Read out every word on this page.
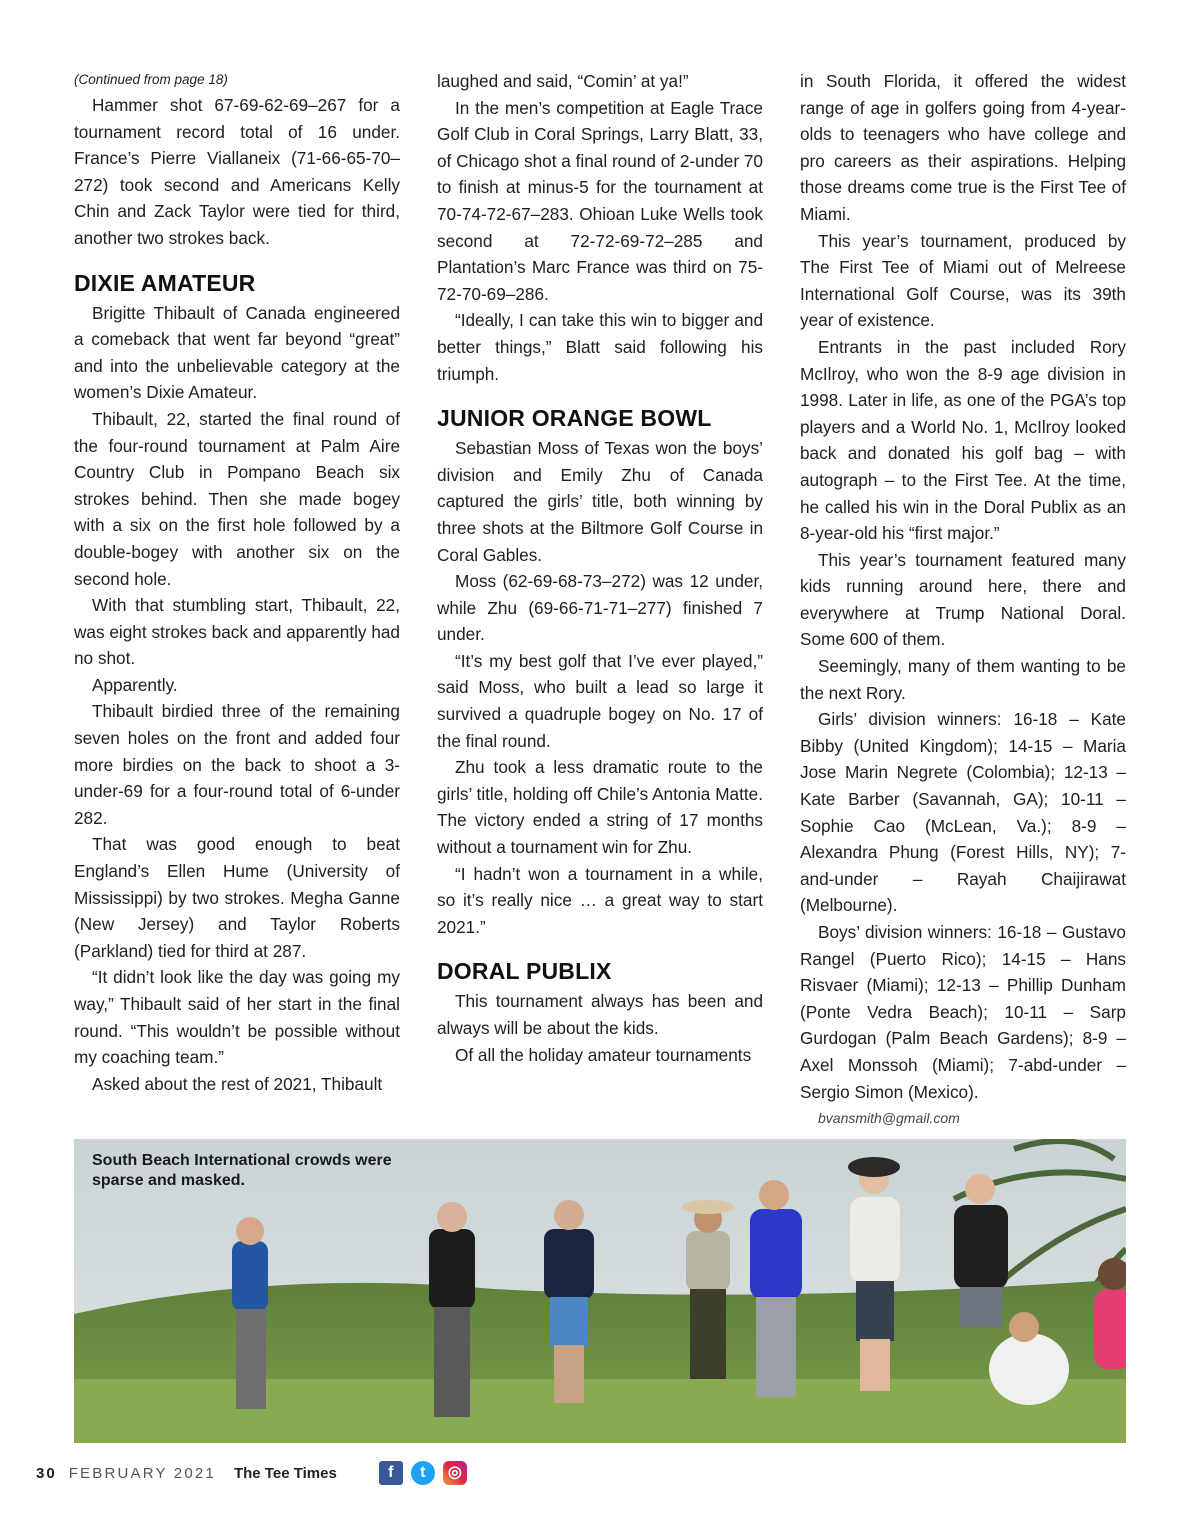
(Continued from page 18)

Hammer shot 67-69-62-69–267 for a tournament record total of 16 under. France’s Pierre Viallaneix (71-66-65-70–272) took second and Americans Kelly Chin and Zack Taylor were tied for third, another two strokes back.

DIXIE AMATEUR

Brigitte Thibault of Canada engineered a comeback that went far beyond “great” and into the unbelievable category at the women’s Dixie Amateur.

Thibault, 22, started the final round of the four-round tournament at Palm Aire Country Club in Pompano Beach six strokes behind. Then she made bogey with a six on the first hole followed by a double-bogey with another six on the second hole.

With that stumbling start, Thibault, 22, was eight strokes back and apparently had no shot.

Apparently.

Thibault birdied three of the remaining seven holes on the front and added four more birdies on the back to shoot a 3-under-69 for a four-round total of 6-under 282.

That was good enough to beat England’s Ellen Hume (University of Mississippi) by two strokes. Megha Ganne (New Jersey) and Taylor Roberts (Parkland) tied for third at 287.

“It didn’t look like the day was going my way,” Thibault said of her start in the final round. “This wouldn’t be possible without my coaching team.”

Asked about the rest of 2021, Thibault

laughed and said, “Comin’ at ya!”

In the men’s competition at Eagle Trace Golf Club in Coral Springs, Larry Blatt, 33, of Chicago shot a final round of 2-under 70 to finish at minus-5 for the tournament at 70-74-72-67–283. Ohioan Luke Wells took second at 72-72-69-72–285 and Plantation’s Marc France was third on 75-72-70-69–286.

“Ideally, I can take this win to bigger and better things,” Blatt said following his triumph.

JUNIOR ORANGE BOWL

Sebastian Moss of Texas won the boys’ division and Emily Zhu of Canada captured the girls’ title, both winning by three shots at the Biltmore Golf Course in Coral Gables.

Moss (62-69-68-73–272) was 12 under, while Zhu (69-66-71-71–277) finished 7 under.

“It’s my best golf that I’ve ever played,” said Moss, who built a lead so large it survived a quadruple bogey on No. 17 of the final round.

Zhu took a less dramatic route to the girls’ title, holding off Chile’s Antonia Matte. The victory ended a string of 17 months without a tournament win for Zhu.

“I hadn’t won a tournament in a while, so it’s really nice … a great way to start 2021.”

DORAL PUBLIX

This tournament always has been and always will be about the kids.

Of all the holiday amateur tournaments

in South Florida, it offered the widest range of age in golfers going from 4-year-olds to teenagers who have college and pro careers as their aspirations. Helping those dreams come true is the First Tee of Miami.

This year’s tournament, produced by The First Tee of Miami out of Melreese International Golf Course, was its 39th year of existence.

Entrants in the past included Rory McIlroy, who won the 8-9 age division in 1998. Later in life, as one of the PGA’s top players and a World No. 1, McIlroy looked back and donated his golf bag – with autograph – to the First Tee. At the time, he called his win in the Doral Publix as an 8-year-old his “first major.”

This year’s tournament featured many kids running around here, there and everywhere at Trump National Doral. Some 600 of them.

Seemingly, many of them wanting to be the next Rory.

Girls’ division winners: 16-18 – Kate Bibby (United Kingdom); 14-15 – Maria Jose Marin Negrete (Colombia); 12-13 – Kate Barber (Savannah, GA); 10-11 – Sophie Cao (McLean, Va.); 8-9 – Alexandra Phung (Forest Hills, NY); 7-and-under – Rayah Chaijirawat (Melbourne).

Boys’ division winners: 16-18 – Gustavo Rangel (Puerto Rico); 14-15 – Hans Risvaer (Miami); 12-13 – Phillip Dunham (Ponte Vedra Beach); 10-11 – Sarp Gurdogan (Palm Beach Gardens); 8-9 – Axel Monssoh (Miami); 7-abd-under – Sergio Simon (Mexico).

bvansmith@gmail.com

South Beach International crowds were sparse and masked.
30 FEBRUARY 2021 The Tee Times	f	t	◎
